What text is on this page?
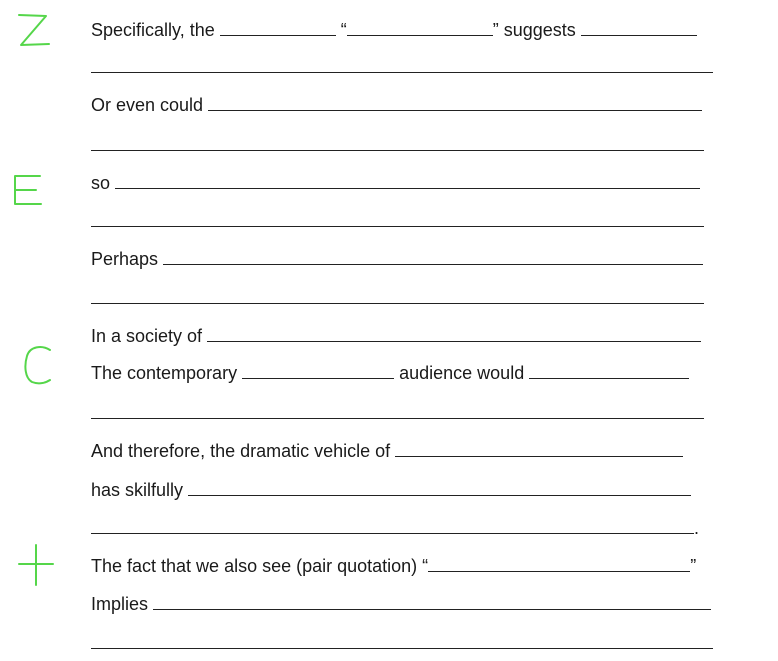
Specifically, the	“	” suggests
Or even could
so
Perhaps
In a society of
The contemporary	audience would
And therefore, the dramatic vehicle of
has skilfully
.
The fact that we also see (pair quotation) “	”
Implies
